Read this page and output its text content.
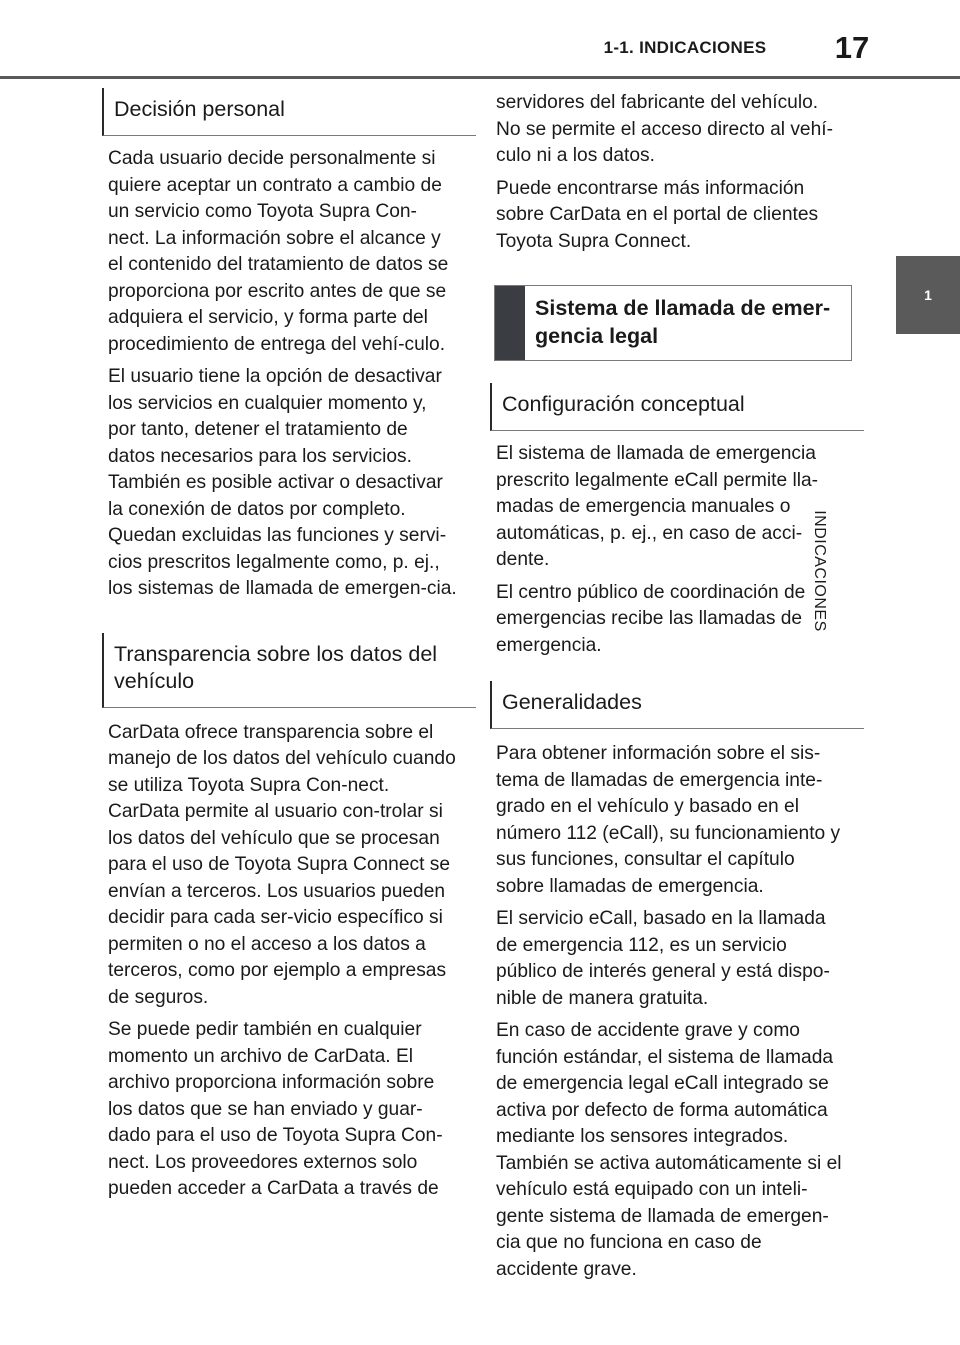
1-1. INDICACIONES	17
1
INDICACIONES
Decisión personal

Cada usuario decide personalmente si quiere aceptar un contrato a cambio de un servicio como Toyota Supra Con-nect. La información sobre el alcance y el contenido del tratamiento de datos se proporciona por escrito antes de que se adquiera el servicio, y forma parte del procedimiento de entrega del vehí-culo.

El usuario tiene la opción de desactivar los servicios en cualquier momento y, por tanto, detener el tratamiento de datos necesarios para los servicios. También es posible activar o desactivar la conexión de datos por completo. Quedan excluidas las funciones y servi-cios prescritos legalmente como, p. ej., los sistemas de llamada de emergen-cia.

Transparencia sobre los datos del vehículo

CarData ofrece transparencia sobre el manejo de los datos del vehículo cuando se utiliza Toyota Supra Con-nect. CarData permite al usuario con-trolar si los datos del vehículo que se procesan para el uso de Toyota Supra Connect se envían a terceros. Los usuarios pueden decidir para cada ser-vicio específico si permiten o no el acceso a los datos a terceros, como por ejemplo a empresas de seguros.

Se puede pedir también en cualquier momento un archivo de CarData. El archivo proporciona información sobre los datos que se han enviado y guar-dado para el uso de Toyota Supra Con-nect. Los proveedores externos solo pueden acceder a CarData a través de

servidores del fabricante del vehículo. No se permite el acceso directo al vehí-culo ni a los datos.

Puede encontrarse más información sobre CarData en el portal de clientes Toyota Supra Connect.

Sistema de llamada de emer-gencia legal
Configuración conceptual

El sistema de llamada de emergencia prescrito legalmente eCall permite lla-madas de emergencia manuales o automáticas, p. ej., en caso de acci-dente.

El centro público de coordinación de emergencias recibe las llamadas de emergencia.

Generalidades

Para obtener información sobre el sis-tema de llamadas de emergencia inte-grado en el vehículo y basado en el número 112 (eCall), su funcionamiento y sus funciones, consultar el capítulo sobre llamadas de emergencia.

El servicio eCall, basado en la llamada de emergencia 112, es un servicio público de interés general y está dispo-nible de manera gratuita.

En caso de accidente grave y como función estándar, el sistema de llamada de emergencia legal eCall integrado se activa por defecto de forma automática mediante los sensores integrados. También se activa automáticamente si el vehículo está equipado con un inteli-gente sistema de llamada de emergen-cia que no funciona en caso de accidente grave.
